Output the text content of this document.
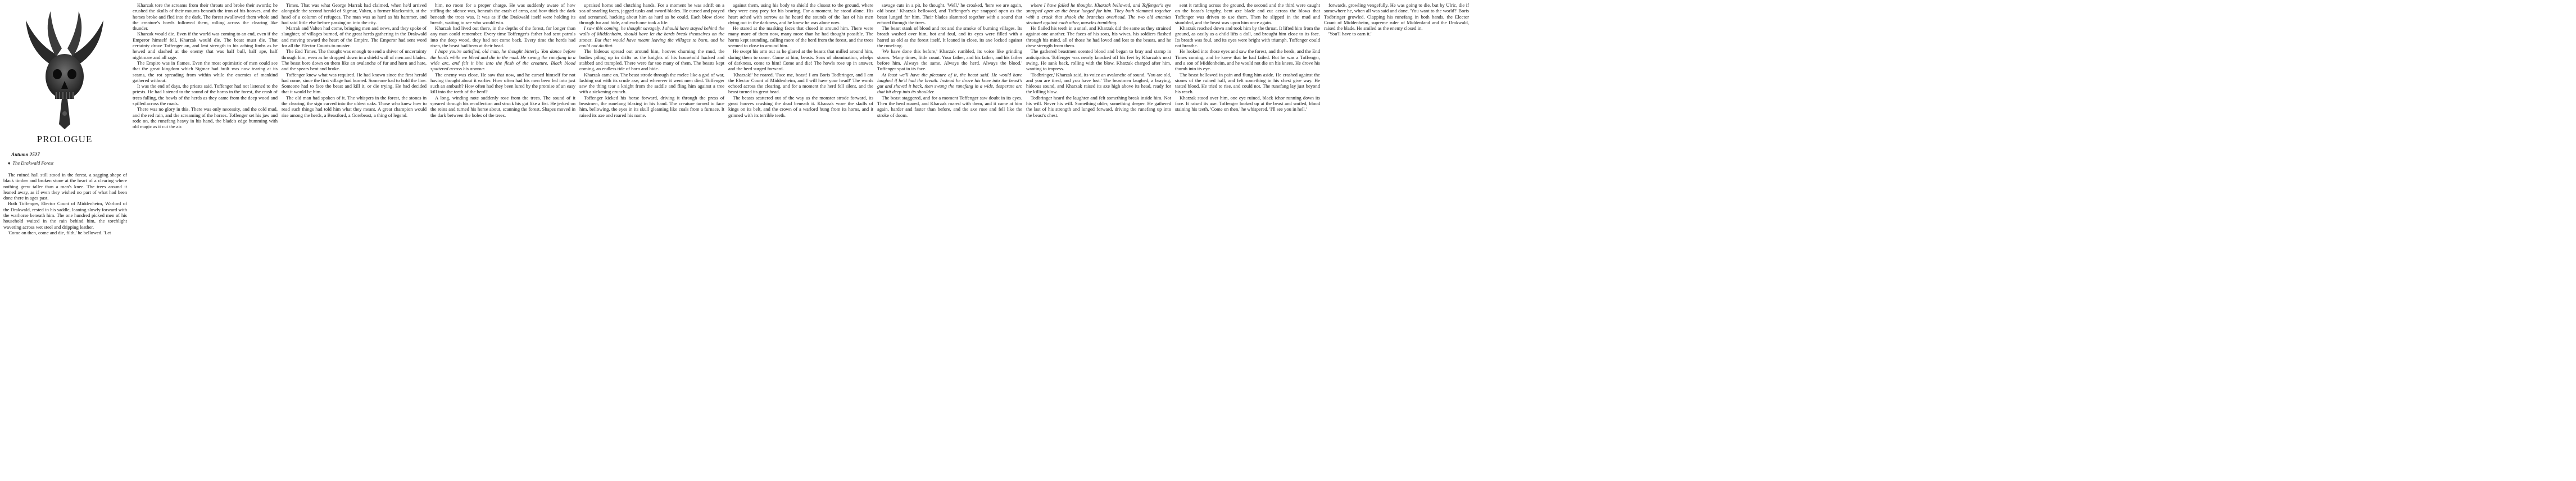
PROLOGUE

Autumn 2527

♦ The Drakwald Forest

The ruined hall still stood in the forest, a sagging shape of black timber and broken stone at the heart of a clearing where nothing grew taller than a man's knee. The trees around it leaned away, as if even they wished no part of what had been done there in ages past.

Both Toffenger, Elector Count of Middenheim, Warlord of the Drakwald, rested in his saddle, leaning slowly forward with the warhorse beneath him. The one hundred picked men of his household waited in the rain behind him, the torchlight wavering across wet steel and dripping leather.

'Come on then, come and die, filth,' he bellowed. 'Let

Kharzak tore the screams from their throats and broke their swords; he crushed the skulls of their mounts beneath the iron of his hooves, and the horses broke and fled into the dark. The forest swallowed them whole and the creature's howls followed them, rolling across the clearing like thunder.

Kharzak would die. Even if the world was coming to an end, even if the Emperor himself fell, Kharzak would die. The beast must die. That certainty drove Toffenger on, and lent strength to his aching limbs as he hewed and slashed at the enemy that was half bull, half ape, half nightmare and all rage.

The Empire was in flames. Even the most optimistic of men could see that the great kingdom which Sigmar had built was now tearing at its seams, the rot spreading from within while the enemies of mankind gathered without.

It was the end of days, the priests said. Toffenger had not listened to the priests. He had listened to the sound of the horns in the forest, the crash of trees falling, the howls of the herds as they came from the deep wood and spilled across the roads.

There was no glory in this. There was only necessity, and the cold mud, and the red rain, and the screaming of the horses. Toffenger set his jaw and rode on, the runefang heavy in his hand, the blade's edge humming with old magic as it cut the air.

Times. That was what George Marrak had claimed, when he'd arrived alongside the second herald of Sigmar, Valten, a former blacksmith, at the head of a column of refugees. The man was as hard as his hammer, and had said little else before passing on into the city.

Marrak and Valten had come, bringing men and news, and they spoke of slaughter, of villages burned, of the great herds gathering in the Drakwald and moving toward the heart of the Empire. The Emperor had sent word for all the Elector Counts to muster.

The End Times. The thought was enough to send a shiver of uncertainty through him, even as he dropped down in a shield wall of men and blades. The beast bore down on them like an avalanche of fur and horn and hate, and the spears bent and broke.

Toffenger knew what was required. He had known since the first herald had come, since the first village had burned. Someone had to hold the line. Someone had to face the beast and kill it, or die trying. He had decided that it would be him.

The old man had spoken of it. The whispers in the forest, the stones in the clearing, the sign carved into the oldest oaks. Those who knew how to read such things had told him what they meant. A great champion would rise among the herds, a Beastlord, a Gorebeast, a thing of legend.

him, no room for a proper charge. He was suddenly aware of how stifling the silence was, beneath the crash of arms, and how thick the dark beneath the trees was. It was as if the Drakwald itself were holding its breath, waiting to see who would win.

Kharzak had lived out there, in the depths of the forest, for longer than any man could remember. Every time Toffenger's father had sent patrols into the deep wood, they had not come back. Every time the herds had risen, the beast had been at their head.

I hope you're satisfied, old man, he thought bitterly. You dance before the herds while we bleed and die in the mud. He swung the runefang in a wide arc, and felt it bite into the flesh of the creature. Black blood spattered across his armour.

The enemy was close. He saw that now, and he cursed himself for not having thought about it earlier. How often had his men been led into just such an ambush? How often had they been lured by the promise of an easy kill into the teeth of the herd?

A long, winding note suddenly rose from the trees. The sound of it speared through his recollection and struck his gut like a fist. He jerked on the reins and turned his horse about, scanning the forest. Shapes moved in the dark between the boles of the trees.

upraised horns and clutching hands. For a moment he was adrift on a sea of snarling faces, jagged tusks and sword blades. He cursed and prayed and screamed, hacking about him as hard as he could. Each blow clove through fur and hide, and each one took a life.

I saw this coming, he thought savagely. I should have stayed behind the walls of Middenheim, should have let the herds break themselves on the stones. But that would have meant leaving the villages to burn, and he could not do that.

The hideous spread out around him, hooves churning the mud, the bodies piling up in drifts as the knights of his household hacked and stabbed and trampled. There were far too many of them. The beasts kept coming, an endless tide of horn and hide.

Kharzak came on. The beast strode through the melee like a god of war, lashing out with its crude axe, and wherever it went men died. Toffenger saw the thing tear a knight from the saddle and fling him against a tree with a sickening crunch.

Toffenger kicked his horse forward, driving it through the press of beastmen, the runefang blazing in his hand. The creature turned to face him, bellowing, the eyes in its skull gleaming like coals from a furnace. It raised its axe and roared his name.

against them, using his body to shield the closest to the ground, where they were easy prey for his bearing. For a moment, he stood alone. His heart ached with sorrow as he heard the sounds of the last of his men dying out in the darkness, and he knew he was alone now.

He stared at the masking faces that closed in around him. There were many more of them now, many more than he had thought possible. The horns kept sounding, calling more of the herd from the forest, and the trees seemed to close in around him.

He swept his arm out as he glared at the beasts that milled around him, daring them to come. Come at him, beasts. Sons of abomination, whelps of darkness, come to him! Come and die! The howls rose up in answer, and the herd surged forward.

'Kharzak!' he roared. 'Face me, beast! I am Boris Todbringer, and I am the Elector Count of Middenheim, and I will have your head!' The words echoed across the clearing, and for a moment the herd fell silent, and the beast turned its great head.

The beasts scattered out of the way as the monster strode forward, its great hooves crushing the dead beneath it. Kharzak wore the skulls of kings on its belt, and the crown of a warlord hung from its horns, and it grinned with its terrible teeth.

savage cuts in a pit, he thought. 'Well,' he croaked, 'here we are again, old beast.' Kharzak bellowed, and Toffenger's eye snapped open as the beast lunged for him. Their blades slammed together with a sound that echoed through the trees.

The beast stank of blood and rot and the smoke of burning villages. Its breath washed over him, hot and foul, and its eyes were filled with a hatred as old as the forest itself. It leaned in close, its axe locked against the runefang.

'We have done this before,' Kharzak rumbled, its voice like grinding stones. 'Many times, little count. Your father, and his father, and his father before him. Always the same. Always the herd. Always the blood.' Toffenger spat in its face.

At least we'll have the pleasure of it, the beast said. He would have laughed if he'd had the breath. Instead he drove his knee into the beast's gut and shoved it back, then swung the runefang in a wide, desperate arc that bit deep into its shoulder.

The beast staggered, and for a moment Toffenger saw doubt in its eyes. Then the herd roared, and Kharzak roared with them, and it came at him again, harder and faster than before, and the axe rose and fell like the stroke of doom.

where I have failed he thought. Kharzak bellowed, and Toffenger's eye snapped open as the beast lunged for him. They both slammed together with a crack that shook the branches overhead. The two old enemies strained against each other, muscles trembling.

He flailed his teeth in a snarl, and Kharzak did the same as they strained against one another. The faces of his sons, his wives, his soldiers flashed through his mind, all of those he had loved and lost to the beasts, and he drew strength from them.

The gathered beastmen scented blood and began to bray and stamp in anticipation. Toffenger was nearly knocked off his feet by Kharzak's next swing. He sank back, rolling with the blow. Kharzak charged after him, wanting to impress.

'Todbringer,' Kharzak said, its voice an avalanche of sound. 'You are old, and you are tired, and you have lost.' The beastmen laughed, a braying, hideous sound, and Kharzak raised its axe high above its head, ready for the killing blow.

Todbringer heard the laughter and felt something break inside him. Not his will. Never his will. Something older, something deeper. He gathered the last of his strength and lunged forward, driving the runefang up into the beast's chest.

sent it rattling across the ground, the second and the third were caught on the beast's lengthy, bent axe blade and cut across the blows that Toffenger was driven to use them. Then he slipped in the mud and stumbled, and the beast was upon him once again.

Kharzak reached down and took him by the throat. It lifted him from the ground, as easily as a child lifts a doll, and brought him close to its face. Its breath was foul, and its eyes were bright with triumph. Toffenger could not breathe.

He looked into those eyes and saw the forest, and the herds, and the End Times coming, and he knew that he had failed. But he was a Toffenger, and a son of Middenheim, and he would not die on his knees. He drove his thumb into its eye.

The beast bellowed in pain and flung him aside. He crashed against the stones of the ruined hall, and felt something in his chest give way. He tasted blood. He tried to rise, and could not. The runefang lay just beyond his reach.

Kharzak stood over him, one eye ruined, black ichor running down its face. It raised its axe. Toffenger looked up at the beast and smiled, blood staining his teeth. 'Come on then,' he whispered. 'I'll see you in hell.'

forwards, growling vengefully. He was going to die, but by Ulric, die if somewhere he, when all was said and done. 'You want to the world?' Boris Todbringer growled. Clapping his runefang in both hands, the Elector Count of Middenheim, supreme ruler of Middenland and the Drakwald, raised the blade. He smiled as the enemy closed in.

'You'll have to earn it.'
